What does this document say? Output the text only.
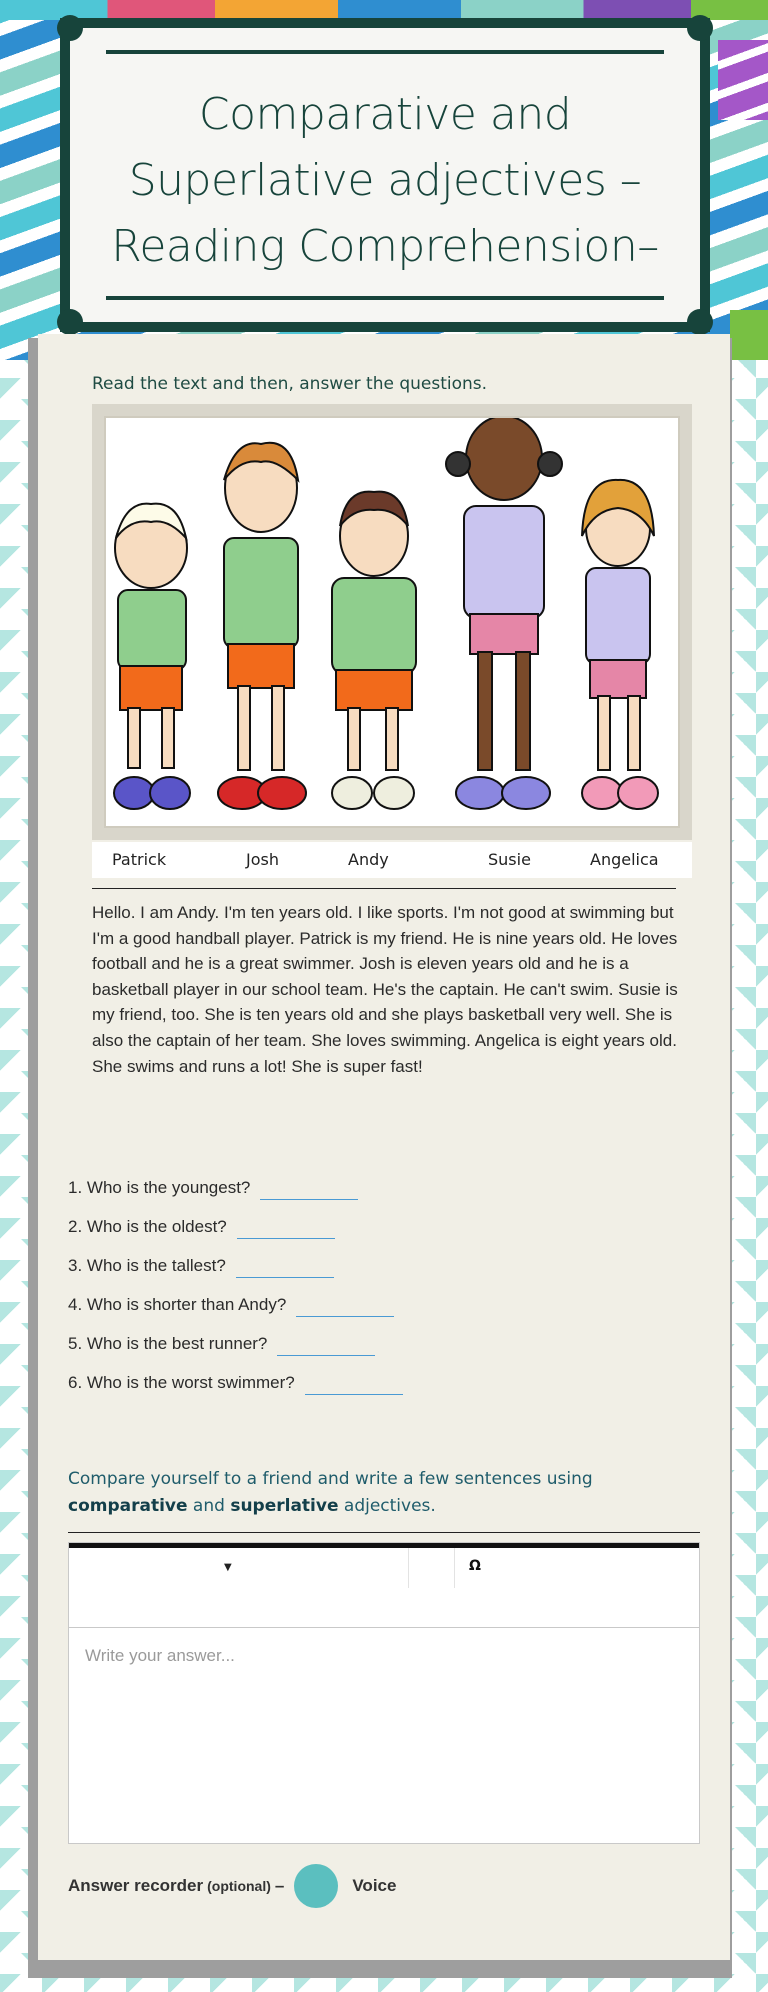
Comparative and
Superlative adjectives –
Reading Comprehension–
Read the text and then, answer the questions.
Patrick	Josh	Andy	Susie	Angelica
Hello. I am Andy. I'm ten years old. I like sports. I'm not good at swimming but I'm a good handball player. Patrick is my friend. He is nine years old. He loves football and he is a great swimmer. Josh is eleven years old and he is a basketball player in our school team. He's the captain. He can't swim. Susie is my friend, too. She is ten years old and she plays basketball very well. She is also the captain of her team. She loves swimming. Angelica is eight years old. She swims and runs a lot! She is super fast!
1. Who is the youngest?
2. Who is the oldest?
3. Who is the tallest?
4. Who is shorter than Andy?
5. Who is the best runner?
6. Who is the worst swimmer?
Compare yourself to a friend and write a few sentences using comparative and superlative adjectives.
▼	Ω
Write your answer...
Answer recorder (optional) –	Voice
